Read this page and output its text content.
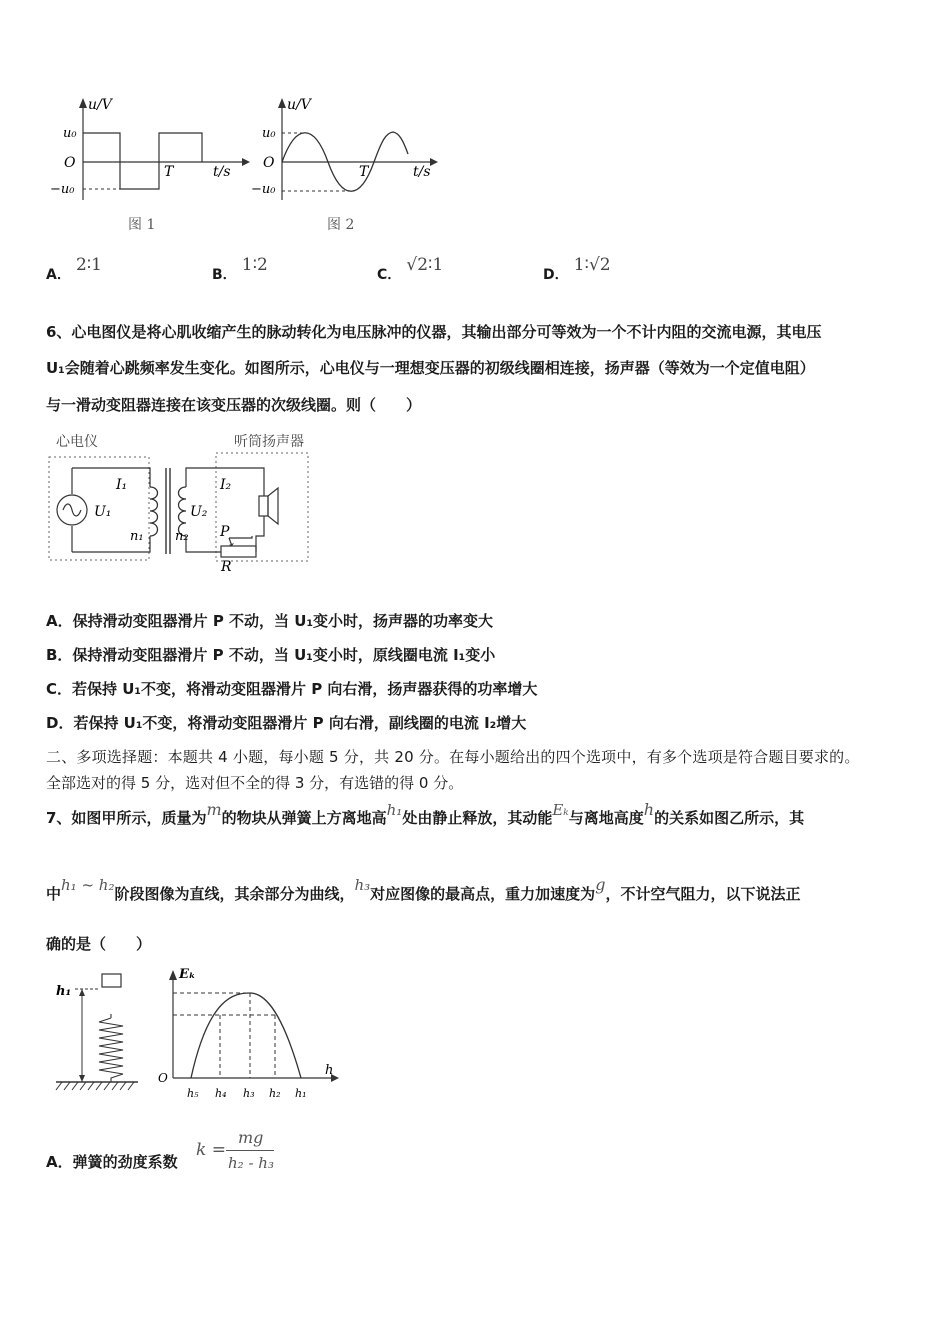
u/V
u₀
O
−u₀
T	t/s
图 1
u/V
u₀
O
−u₀
T	t/s
图 2
A． 2∶1	B． 1∶2	C． √2∶1	D． 1∶√2
6、心电图仪是将心肌收缩产生的脉动转化为电压脉冲的仪器，其输出部分可等效为一个不计内阻的交流电源，其电压
U₁会随着心跳频率发生变化。如图所示，心电仪与一理想变压器的初级线圈相连接，扬声器（等效为一个定值电阻）
与一滑动变阻器连接在该变压器的次级线圈。则（　　）
心电仪	听筒扬声器
I₁
U₁
n₁ n₂
U₂
I₂
P
R
A．保持滑动变阻器滑片 P 不动，当 U₁变小时，扬声器的功率变大
B．保持滑动变阻器滑片 P 不动，当 U₁变小时，原线圈电流 I₁变小
C．若保持 U₁不变，将滑动变阻器滑片 P 向右滑，扬声器获得的功率增大
D．若保持 U₁不变，将滑动变阻器滑片 P 向右滑，副线圈的电流 I₂增大
二、多项选择题：本题共 4 小题，每小题 5 分，共 20 分。在每小题给出的四个选项中，有多个选项是符合题目要求的。
全部选对的得 5 分，选对但不全的得 3 分，有选错的得 0 分。
7、如图甲所示，质量为m的物块从弹簧上方离地高h₁处由静止释放，其动能Eₖ与离地高度h的关系如图乙所示，其
中h₁ ~ h₂阶段图像为直线，其余部分为曲线，h₃对应图像的最高点，重力加速度为g，不计空气阻力，以下说法正
确的是（　　）
h₁
Eₖ
O	h
h₅ h₄ h₃ h₂ h₁
A．弹簧的劲度系数
k =
mg
h₂ - h₃
